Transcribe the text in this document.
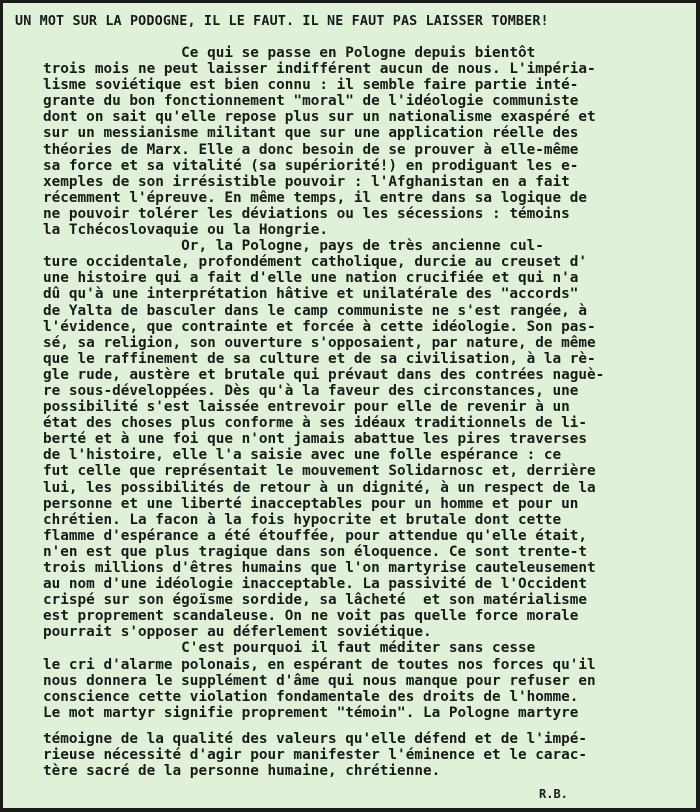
UN MOT SUR LA PODOGNE, IL LE FAUT. IL NE FAUT PAS LAISSER TOMBER!
Ce qui se passe en Pologne depuis bientôt
trois mois ne peut laisser indifférent aucun de nous. L'impéria-
lisme soviétique est bien connu : il semble faire partie inté-
grante du bon fonctionnement "moral" de l'idéologie communiste
dont on sait qu'elle repose plus sur un nationalisme exaspéré et
sur un messianisme militant que sur une application réelle des
théories de Marx. Elle a donc besoin de se prouver à elle-même
sa force et sa vitalité (sa supériorité!) en prodiguant les e-
xemples de son irrésistible pouvoir : l'Afghanistan en a fait
récemment l'épreuve. En même temps, il entre dans sa logique de
ne pouvoir tolérer les déviations ou les sécessions : témoins
la Tchécoslovaquie ou la Hongrie.
Or, la Pologne, pays de très ancienne cul-
ture occidentale, profondément catholique, durcie au creuset d'
une histoire qui a fait d'elle une nation crucifiée et qui n'a
dû qu'à une interprétation hâtive et unilatérale des "accords"
de Yalta de basculer dans le camp communiste ne s'est rangée, à
l'évidence, que contrainte et forcée à cette idéologie. Son pas-
sé, sa religion, son ouverture s'opposaient, par nature, de même
que le raffinement de sa culture et de sa civilisation, à la rè-
gle rude, austère et brutale qui prévaut dans des contrées naguè-
re sous-développées. Dès qu'à la faveur des circonstances, une
possibilité s'est laissée entrevoir pour elle de revenir à un
état des choses plus conforme à ses idéaux traditionnels de li-
berté et à une foi que n'ont jamais abattue les pires traverses
de l'histoire, elle l'a saisie avec une folle espérance : ce
fut celle que représentait le mouvement Solidarnosc et, derrière
lui, les possibilités de retour à un dignité, à un respect de la
personne et une liberté inacceptables pour un homme et pour un
chrétien. La facon à la fois hypocrite et brutale dont cette
flamme d'espérance a été étouffée, pour attendue qu'elle était,
n'en est que plus tragique dans son éloquence. Ce sont trente-t
trois millions d'êtres humains que l'on martyrise cauteleusement
au nom d'une idéologie inacceptable. La passivité de l'Occident
crispé sur son égoïsme sordide, sa lâcheté  et son matérialisme
est proprement scandaleuse. On ne voit pas quelle force morale
pourrait s'opposer au déferlement soviétique.
C'est pourquoi il faut méditer sans cesse
le cri d'alarme polonais, en espérant de toutes nos forces qu'il
nous donnera le supplément d'âme qui nous manque pour refuser en
conscience cette violation fondamentale des droits de l'homme.
Le mot martyr signifie proprement "témoin". La Pologne martyre
témoigne de la qualité des valeurs qu'elle défend et de l'impé-
rieuse nécessité d'agir pour manifester l'éminence et le carac-
tère sacré de la personne humaine, chrétienne.
R.B.
